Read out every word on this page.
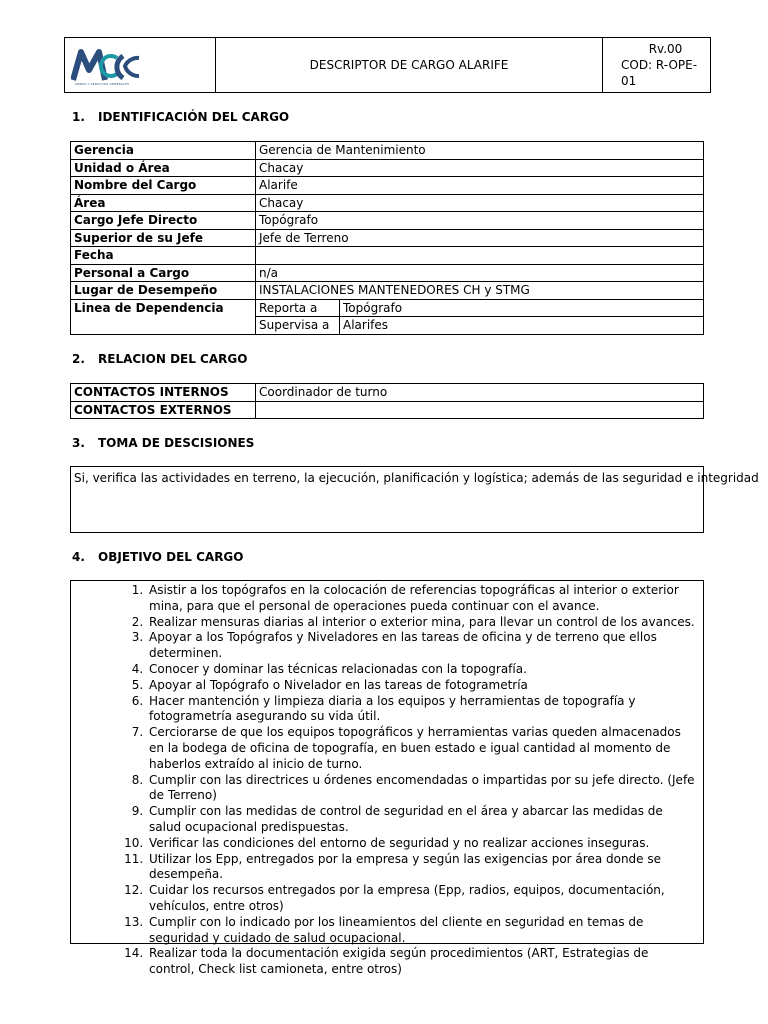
OBRAS Y SERVICIOS GENERALES
DESCRIPTOR DE CARGO ALARIFE
Rv.00
COD: R-OPE-01
1. IDENTIFICACIÓN DEL CARGO
Gerencia	Gerencia de Mantenimiento
Unidad o Área	Chacay
Nombre del Cargo	Alarife
Área	Chacay
Cargo Jefe Directo	Topógrafo
Superior de su Jefe	Jefe de Terreno
Fecha	
Personal a Cargo	n/a
Lugar de Desempeño	INSTALACIONES MANTENEDORES CH y STMG
Linea de Dependencia		Reporta a	Topógrafo
Supervisa a	Alarifes
2. RELACION DEL CARGO
CONTACTOS INTERNOS	Coordinador de turno
CONTACTOS EXTERNOS	
3. TOMA DE DESCISIONES
Si, verifica las actividades en terreno, la ejecución, planificación y logística; además de las seguridad e integridad
4. OBJETIVO DEL CARGO
1. Asistir a los topógrafos en la colocación de referencias topográficas al interior o exterior mina, para que el personal de operaciones pueda continuar con el avance.
2. Realizar mensuras diarias al interior o exterior mina, para llevar un control de los avances.
3. Apoyar a los Topógrafos y Niveladores en las tareas de oficina y de terreno que ellos determinen.
4. Conocer y dominar las técnicas relacionadas con la topografía.
5. Apoyar al Topógrafo o Nivelador en las tareas de fotogrametría
6. Hacer mantención y limpieza diaria a los equipos y herramientas de topografía y fotogrametría asegurando su vida útil.
7. Cerciorarse de que los equipos topográficos y herramientas varias queden almacenados en la bodega de oficina de topografía, en buen estado e igual cantidad al momento de haberlos extraído al inicio de turno.
8. Cumplir con las directrices u órdenes encomendadas o impartidas por su jefe directo. (Jefe de Terreno)
9. Cumplir con las medidas de control de seguridad en el área y abarcar las medidas de salud ocupacional predispuestas.
10. Verificar las condiciones del entorno de seguridad y no realizar acciones inseguras.
11. Utilizar los Epp, entregados por la empresa y según las exigencias por área donde se desempeña.
12. Cuidar los recursos entregados por la empresa (Epp, radios, equipos, documentación, vehículos, entre otros)
13. Cumplir con lo indicado por los lineamientos del cliente en seguridad en temas de seguridad y cuidado de salud ocupacional.
14. Realizar toda la documentación exigida según procedimientos (ART, Estrategias de control, Check list camioneta, entre otros)
